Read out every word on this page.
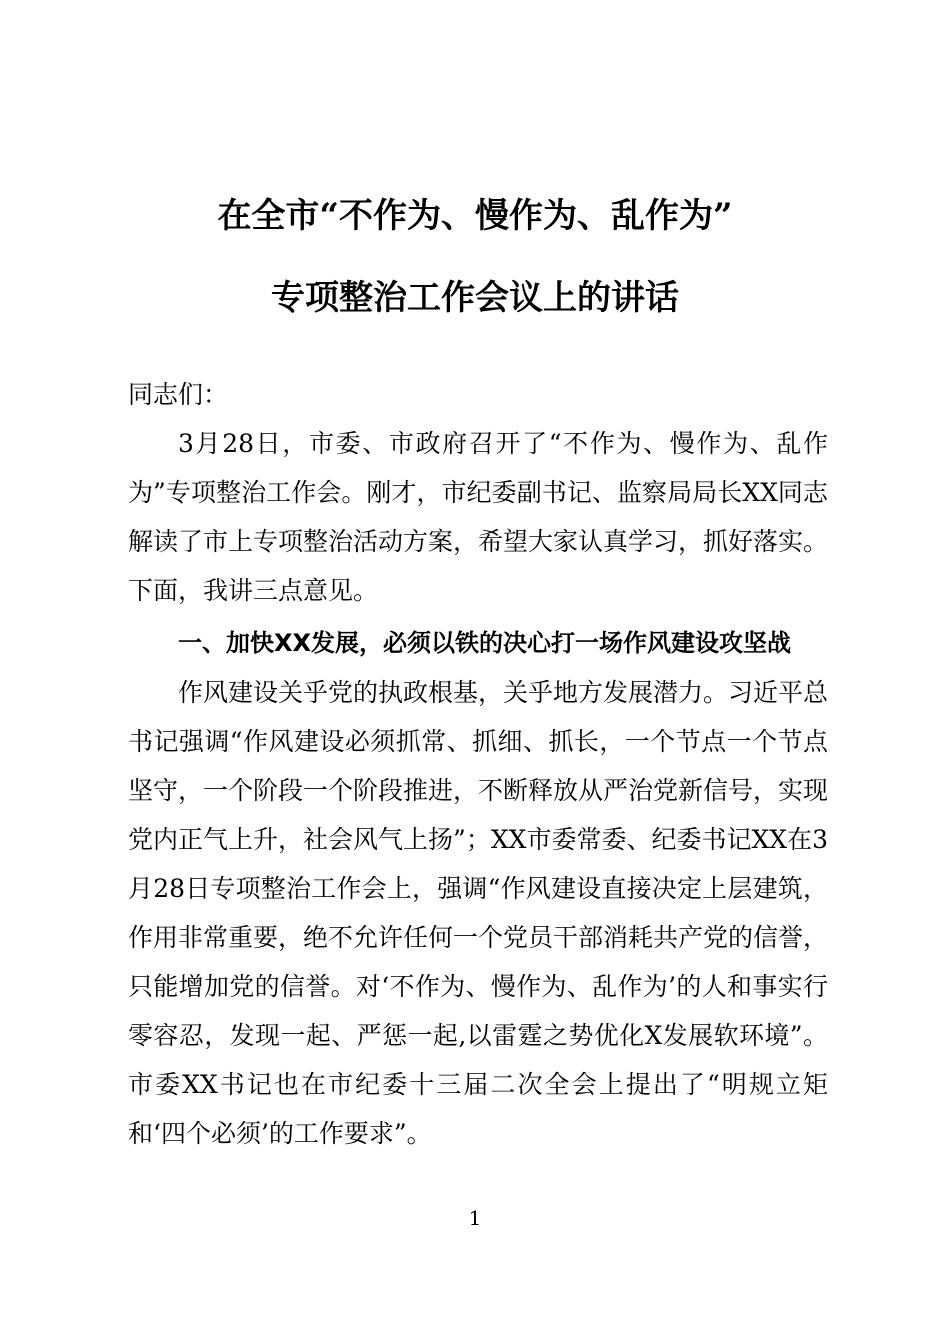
在全市“不作为、慢作为、乱作为”
专项整治工作会议上的讲话
同志们：
3月28日，市委、市政府召开了“不作为、慢作为、乱作为”专项整治工作会。刚才，市纪委副书记、监察局局长XX同志解读了市上专项整治活动方案，希望大家认真学习，抓好落实。下面，我讲三点意见。
一、加快XX发展，必须以铁的决心打一场作风建设攻坚战
作风建设关乎党的执政根基，关乎地方发展潜力。习近平总书记强调“作风建设必须抓常、抓细、抓长，一个节点一个节点坚守，一个阶段一个阶段推进，不断释放从严治党新信号，实现党内正气上升，社会风气上扬”；XX市委常委、纪委书记XX在3月28日专项整治工作会上，强调“作风建设直接决定上层建筑，作用非常重要，绝不允许任何一个党员干部消耗共产党的信誉，只能增加党的信誉。对‘不作为、慢作为、乱作为’的人和事实行零容忍，发现一起、严惩一起,以雷霆之势优化X发展软环境”。市委XX书记也在市纪委十三届二次全会上提出了“明规立矩和‘四个必须’的工作要求”。
1
